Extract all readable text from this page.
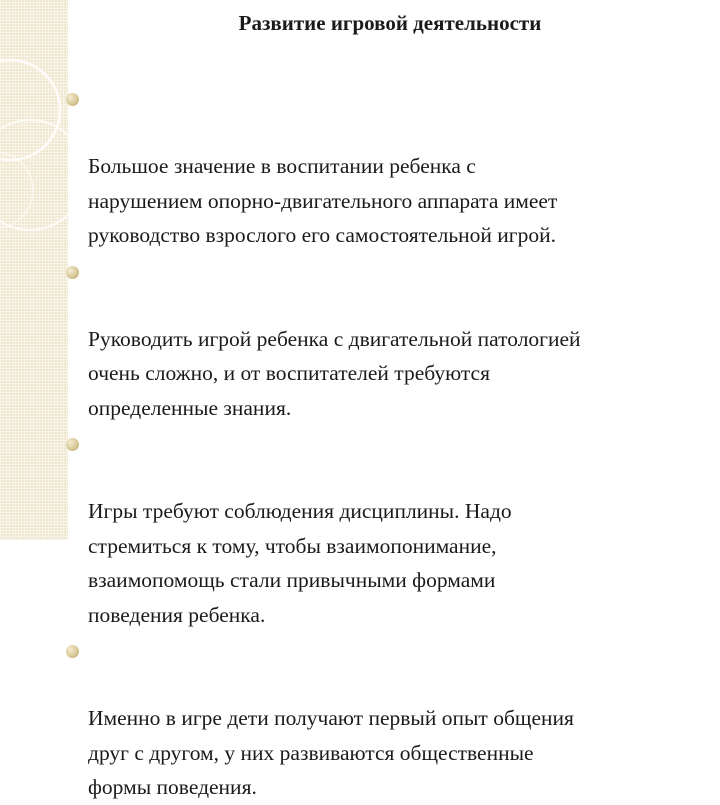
Развитие игровой деятельности

Большое значение в воспитании ребенка с
нарушением опорно-двигательного аппарата имеет
руководство взрослого его самостоятельной игрой.

Руководить игрой ребенка с двигательной патологией
очень сложно, и от воспитателей требуются
определенные знания.

Игры требуют соблюдения дисциплины. Надо
стремиться к тому, чтобы взаимопонимание,
взаимопомощь стали привычными формами
поведения ребенка.

Именно в игре дети получают первый опыт общения
друг с другом, у них развиваются общественные
формы поведения.
